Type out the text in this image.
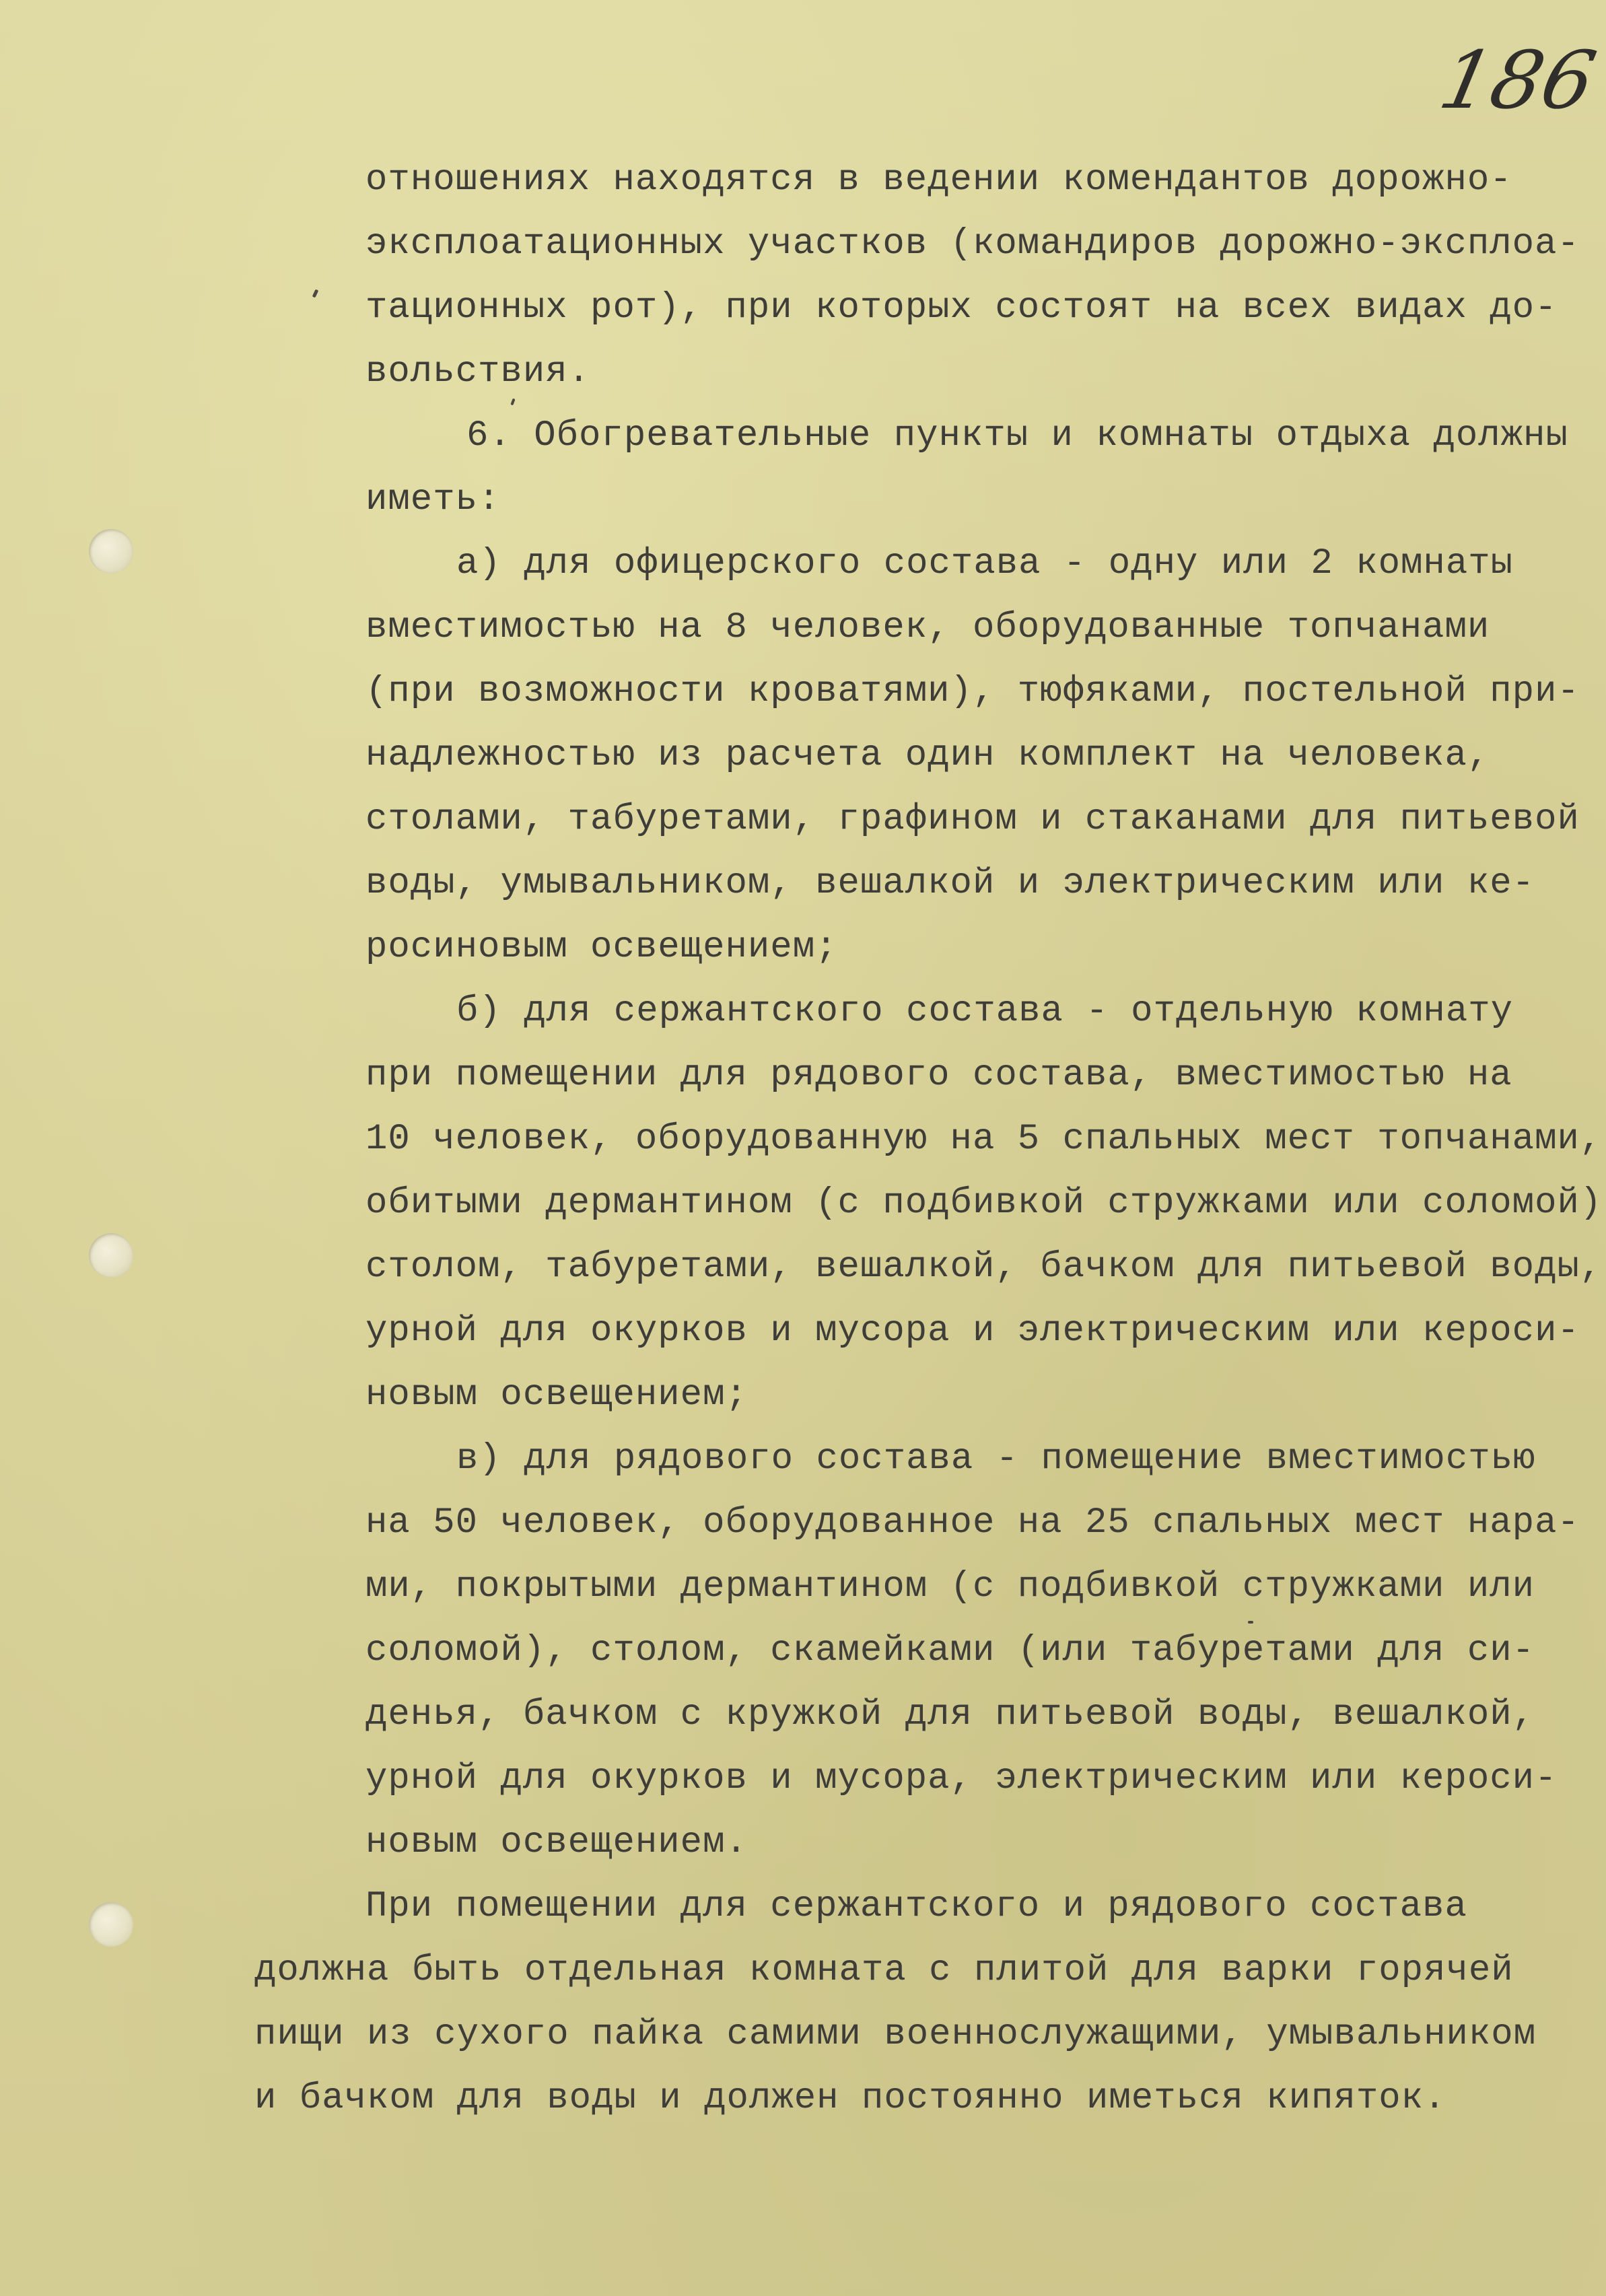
186
отношениях находятся в ведении комендантов дорожно-
эксплоатационных участков (командиров дорожно-эксплоа-
тационных рот), при которых состоят на всех видах до-
вольствия.
6. Обогревательные пункты и комнаты отдыха должны
иметь:
а) для офицерского состава - одну или 2 комнаты
вместимостью на 8 человек, оборудованные топчанами
(при возможности кроватями), тюфяками, постельной при-
надлежностью из расчета один комплект на человека,
столами, табуретами, графином и стаканами для питьевой
воды, умывальником, вешалкой и электрическим или ке-
росиновым освещением;
б) для сержантского состава - отдельную комнату
при помещении для рядового состава, вместимостью на
10 человек, оборудованную на 5 спальных мест топчанами,
обитыми дермантином (с подбивкой стружками или соломой)
столом, табуретами, вешалкой, бачком для питьевой воды,
урной для окурков и мусора и электрическим или кероси-
новым освещением;
в) для рядового состава - помещение вместимостью
на 50 человек, оборудованное на 25 спальных мест нара-
ми, покрытыми дермантином (с подбивкой стружками или
соломой), столом, скамейками (или табуретами для си-
денья, бачком с кружкой для питьевой воды, вешалкой,
урной для окурков и мусора, электрическим или кероси-
новым освещением.
При помещении для сержантского и рядового состава
должна быть отдельная комната с плитой для варки горячей
пищи из сухого пайка самими военнослужащими, умывальником
и бачком для воды и должен постоянно иметься кипяток.
